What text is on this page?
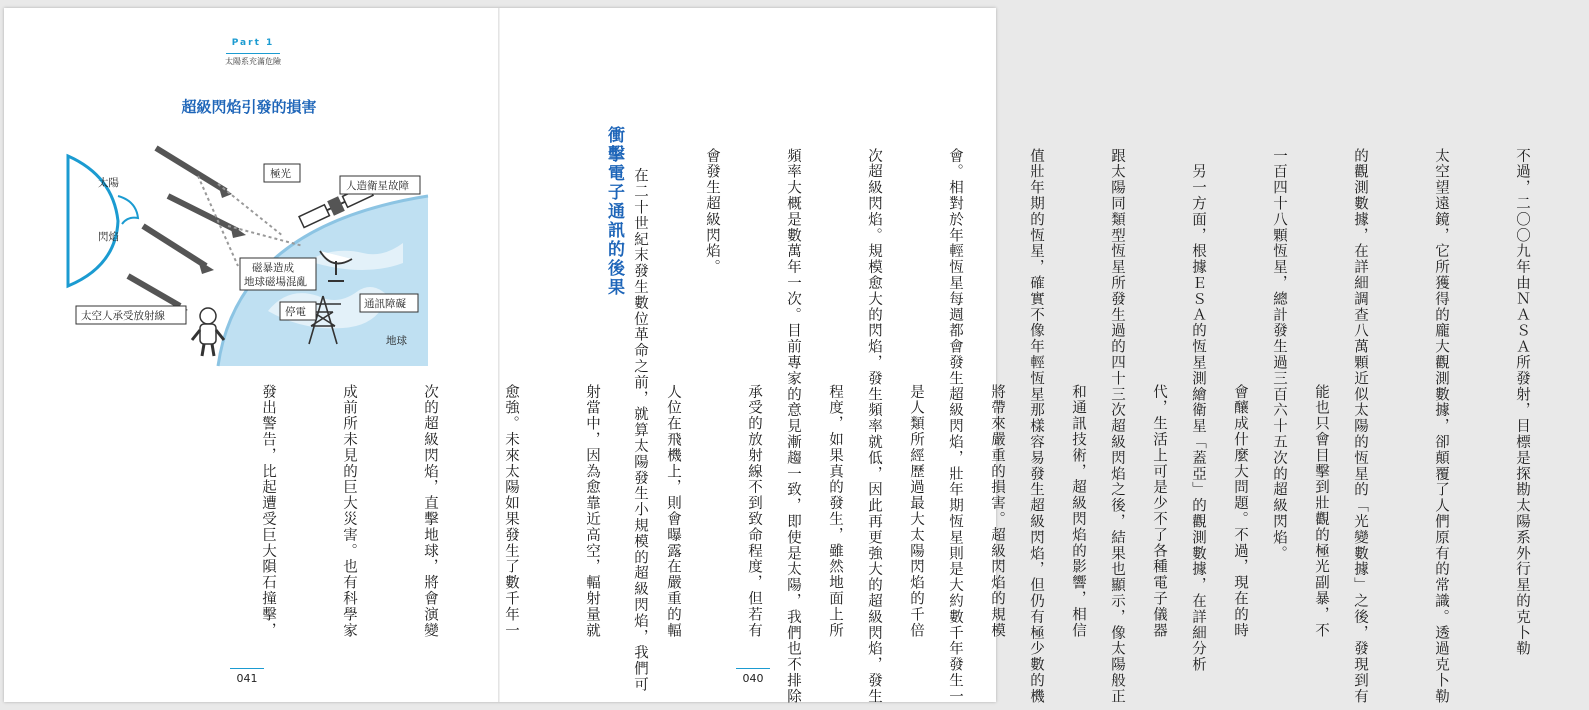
Part 1
太陽系充滿危險
超級閃焰引發的損害
太陽
閃焰
極光
人造衛星故障
磁暴造成
地球磁場混亂
通訊障礙
停電
太空人承受放射線
地球

能也只會目擊到壯觀的極光副暴，不

會釀成什麼大問題。不過，現在的時

代，生活上可是少不了各種電子儀器

和通訊技術，超級閃焰的影響，相信

將帶來嚴重的損害。超級閃焰的規模

是人類所經歷過最大太陽閃焰的千倍

程度，如果真的發生，雖然地面上所

承受的放射線不到致命程度，但若有

人位在飛機上，則會曝露在嚴重的輻

射當中，因為愈靠近高空，輻射量就

愈強。未來太陽如果發生了數千年一

次的超級閃焰，直擊地球，將會演變

成前所未見的巨大災害。也有科學家

發出警告，比起遭受巨大隕石撞擊，

	不過，二〇〇九年由ＮＡＳＡ所發射，目標是探勘太陽系外行星的克卜勒

太空望遠鏡，它所獲得的龐大觀測數據，卻顛覆了人們原有的常識。透過克卜勒

的觀測數據，在詳細調查八萬顆近似太陽的恆星的「光變數據」之後，發現到有

一百四十八顆恆星，總計發生過三百六十五次的超級閃焰。

　另一方面，根據ＥＳＡ的恆星測繪衛星「蓋亞」的觀測數據，在詳細分析

跟太陽同類型恆星所發生過的四十三次超級閃焰之後，結果也顯示，像太陽般正

值壯年期的恆星，確實不像年輕恆星那樣容易發生超級閃焰，但仍有極少數的機

會。相對於年輕恆星每週都會發生超級閃焰，壯年期恆星則是大約數千年發生一

次超級閃焰。規模愈大的閃焰，發生頻率就低，因此再更強大的超級閃焰，發生

頻率大概是數萬年一次。目前專家的意見漸趨一致，即使是太陽，我們也不排除

會發生超級閃焰。

衝擊電子通訊的後果

　在二十世紀末發生數位革命之前，就算太陽發生小規模的超級閃焰，我們可

041	040
